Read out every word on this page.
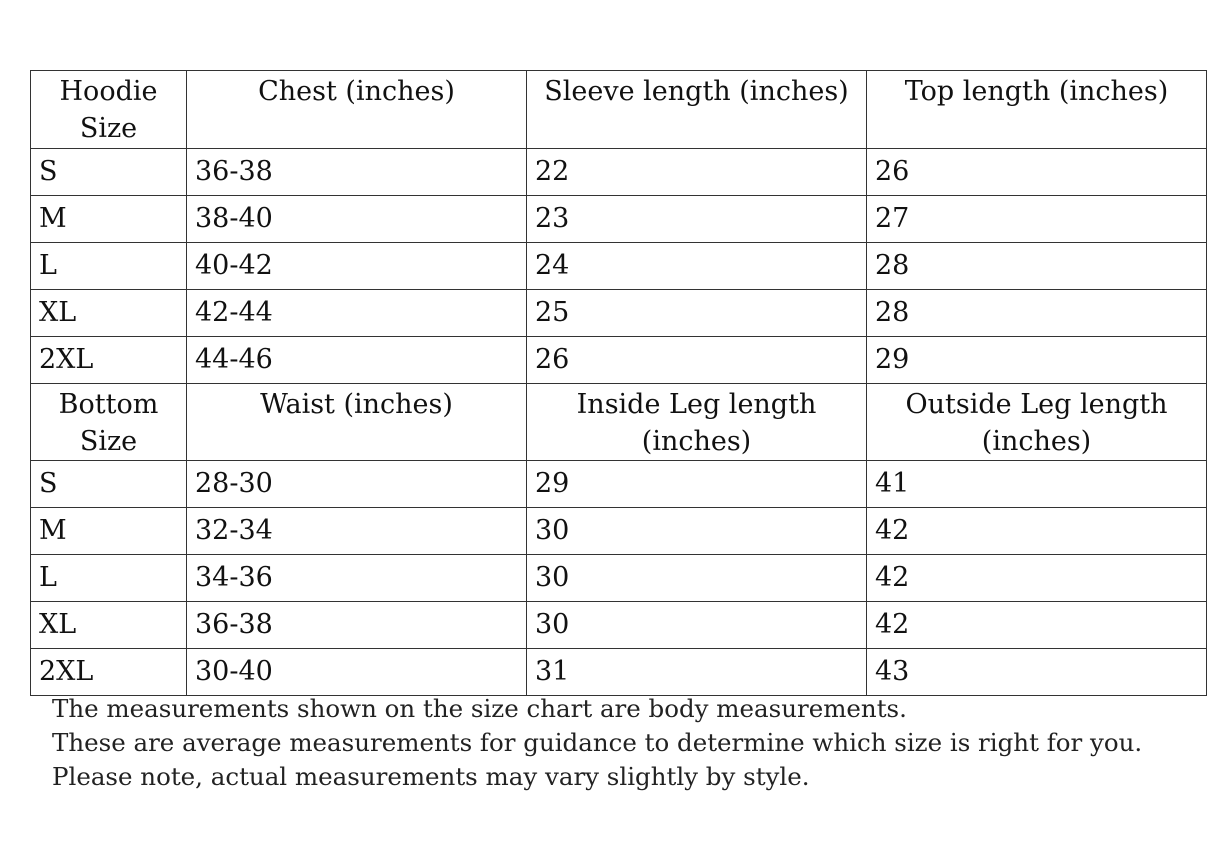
Hoodie Size	Chest (inches)	Sleeve length (inches)	Top length (inches)
S	36-38	22	26
M	38-40	23	27
L	40-42	24	28
XL	42-44	25	28
2XL	44-46	26	29
Bottom Size	Waist (inches)	Inside Leg length (inches)	Outside Leg length (inches)
S	28-30	29	41
M	32-34	30	42
L	34-36	30	42
XL	36-38	30	42
2XL	30-40	31	43
The measurements shown on the size chart are body measurements.
These are average measurements for guidance to determine which size is right for you.
Please note, actual measurements may vary slightly by style.
